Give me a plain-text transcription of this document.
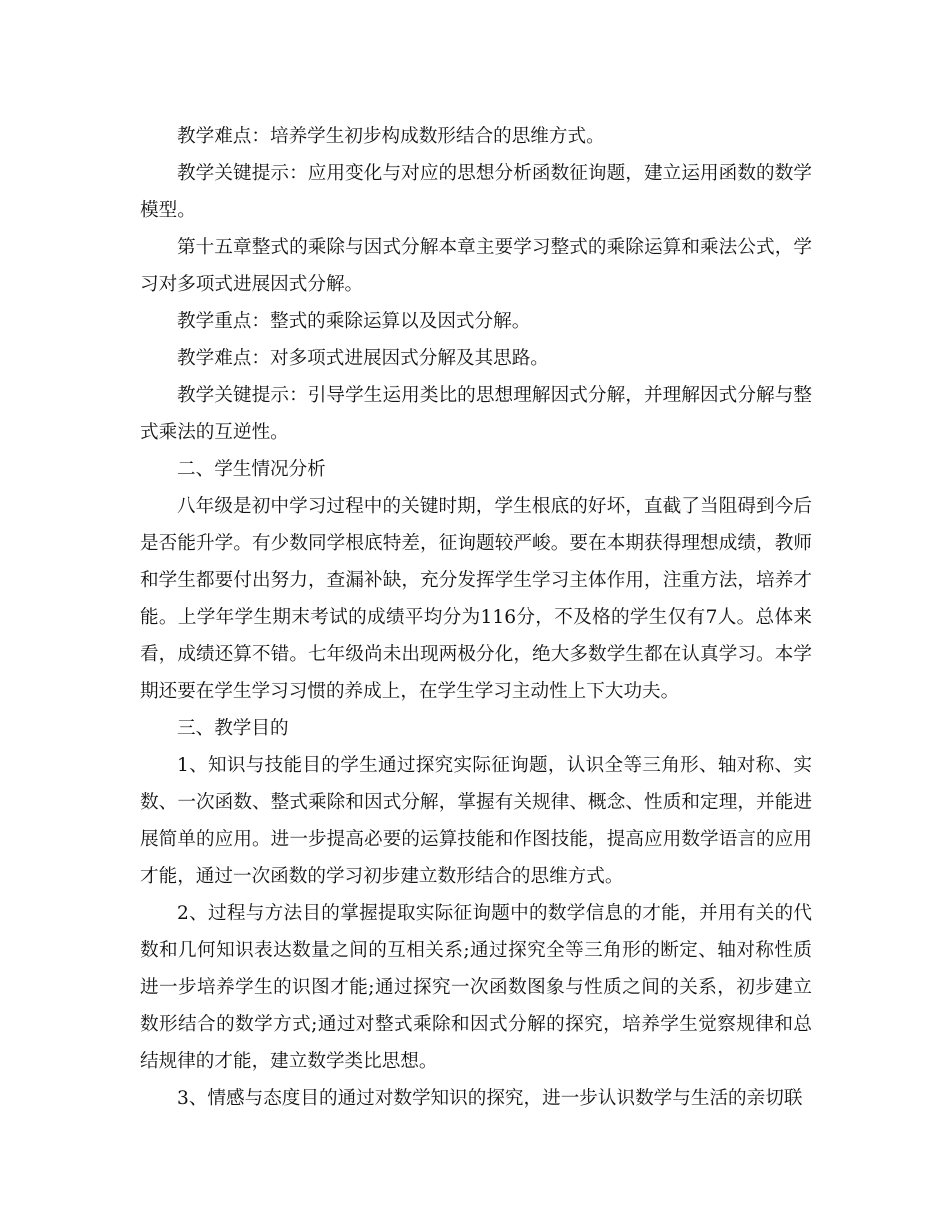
教学难点：培养学生初步构成数形结合的思维方式。

教学关键提示：应用变化与对应的思想分析函数征询题，建立运用函数的数学模型。

第十五章整式的乘除与因式分解本章主要学习整式的乘除运算和乘法公式，学习对多项式进展因式分解。

教学重点：整式的乘除运算以及因式分解。

教学难点：对多项式进展因式分解及其思路。

教学关键提示：引导学生运用类比的思想理解因式分解，并理解因式分解与整式乘法的互逆性。

二、学生情况分析

八年级是初中学习过程中的关键时期，学生根底的好坏，直截了当阻碍到今后是否能升学。有少数同学根底特差，征询题较严峻。要在本期获得理想成绩，教师和学生都要付出努力，查漏补缺，充分发挥学生学习主体作用，注重方法，培养才能。上学年学生期末考试的成绩平均分为116分，不及格的学生仅有7人。总体来看，成绩还算不错。七年级尚未出现两极分化，绝大多数学生都在认真学习。本学期还要在学生学习习惯的养成上，在学生学习主动性上下大功夫。

三、教学目的

1、知识与技能目的学生通过探究实际征询题，认识全等三角形、轴对称、实数、一次函数、整式乘除和因式分解，掌握有关规律、概念、性质和定理，并能进展简单的应用。进一步提高必要的运算技能和作图技能，提高应用数学语言的应用才能，通过一次函数的学习初步建立数形结合的思维方式。

2、过程与方法目的掌握提取实际征询题中的数学信息的才能，并用有关的代数和几何知识表达数量之间的互相关系;通过探究全等三角形的断定、轴对称性质进一步培养学生的识图才能;通过探究一次函数图象与性质之间的关系，初步建立数形结合的数学方式;通过对整式乘除和因式分解的探究，培养学生觉察规律和总结规律的才能，建立数学类比思想。

3、情感与态度目的通过对数学知识的探究，进一步认识数学与生活的亲切联
